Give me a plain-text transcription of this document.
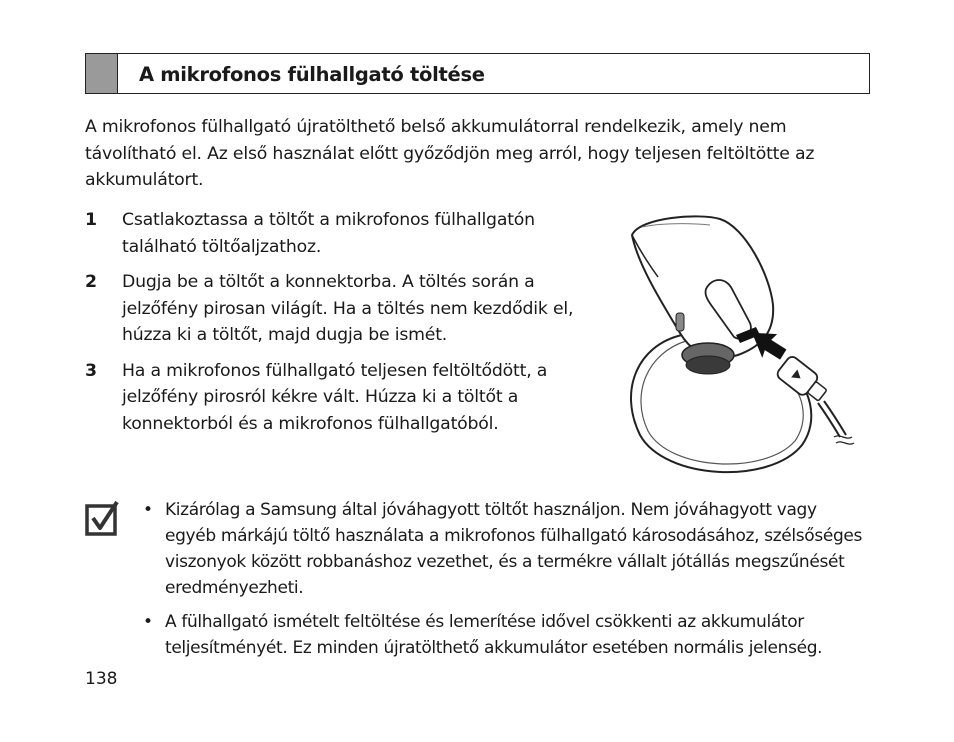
A mikrofonos fülhallgató töltése
A mikrofonos fülhallgató újratölthető belső akkumulátorral rendelkezik, amely nem távolítható el. Az első használat előtt győződjön meg arról, hogy teljesen feltöltötte az akkumulátort.
1	Csatlakoztassa a töltőt a mikrofonos fülhallgatón található töltőaljzathoz.
2	Dugja be a töltőt a konnektorba. A töltés során a jelzőfény pirosan világít. Ha a töltés nem kezdődik el, húzza ki a töltőt, majd dugja be ismét.
3	Ha a mikrofonos fülhallgató teljesen feltöltődött, a jelzőfény pirosról kékre vált. Húzza ki a töltőt a konnektorból és a mikrofonos fülhallgatóból.
• Kizárólag a Samsung által jóváhagyott töltőt használjon. Nem jóváhagyott vagy egyéb márkájú töltő használata a mikrofonos fülhallgató károsodásához, szélsőséges viszonyok között robbanáshoz vezethet, és a termékre vállalt jótállás megszűnését eredményezheti.
• A fülhallgató ismételt feltöltése és lemerítése idővel csökkenti az akkumulátor teljesítményét. Ez minden újratölthető akkumulátor esetében normális jelenség.
138
